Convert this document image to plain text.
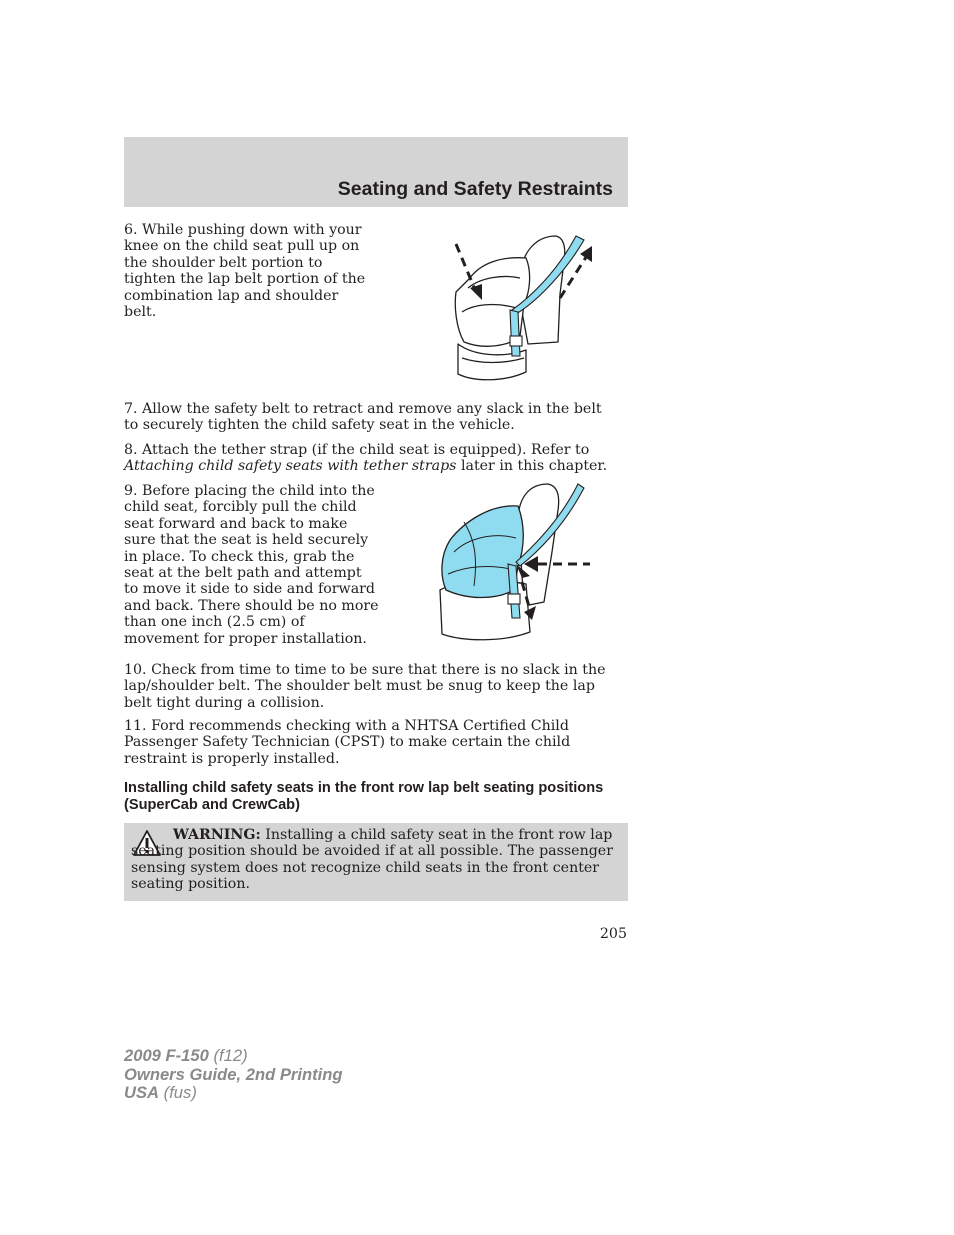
Seating and Safety Restraints

6. While pushing down with your knee on the child seat pull up on the shoulder belt portion to tighten the lap belt portion of the combination lap and shoulder belt.

7. Allow the safety belt to retract and remove any slack in the belt to securely tighten the child safety seat in the vehicle.

8. Attach the tether strap (if the child seat is equipped). Refer to Attaching child safety seats with tether straps later in this chapter.

9. Before placing the child into the child seat, forcibly pull the child seat forward and back to make sure that the seat is held securely in place. To check this, grab the seat at the belt path and attempt to move it side to side and forward and back. There should be no more than one inch (2.5 cm) of movement for proper installation.

10. Check from time to time to be sure that there is no slack in the lap/shoulder belt. The shoulder belt must be snug to keep the lap belt tight during a collision.

11. Ford recommends checking with a NHTSA Certified Child Passenger Safety Technician (CPST) to make certain the child restraint is properly installed.

Installing child safety seats in the front row lap belt seating positions (SuperCab and CrewCab)

WARNING: Installing a child safety seat in the front row lap seating position should be avoided if at all possible. The passenger sensing system does not recognize child seats in the front center seating position.

205
2009 F-150 (f12)
Owners Guide, 2nd Printing
USA (fus)
